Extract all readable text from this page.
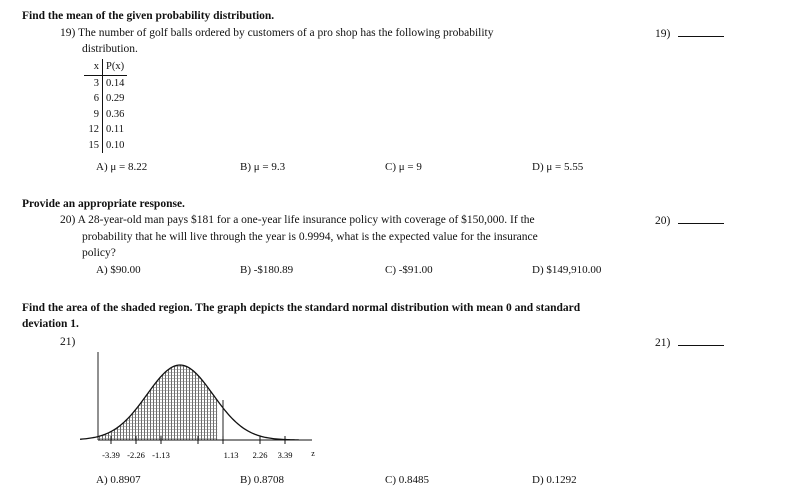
Find the mean of the given probability distribution.
19) The number of golf balls ordered by customers of a pro shop has the following probability
distribution.
19)
x	P(x)
3	0.14
6	0.29
9	0.36
12	0.11
15	0.10
A) μ = 8.22	B) μ = 9.3	C) μ = 9	D) μ = 5.55
Provide an appropriate response.
20) A 28-year-old man pays $181 for a one-year life insurance policy with coverage of $150,000. If the
probability that he will live through the year is 0.9994, what is the expected value for the insurance
policy?
20)
A) $90.00	B) -$180.89	C) -$91.00	D) $149,910.00
Find the area of the shaded region. The graph depicts the standard normal distribution with mean 0 and standard
deviation 1.
21)	21)
-3.39 -2.26 -1.13	1.13 2.26 3.39 z
A) 0.8907	B) 0.8708	C) 0.8485	D) 0.1292
